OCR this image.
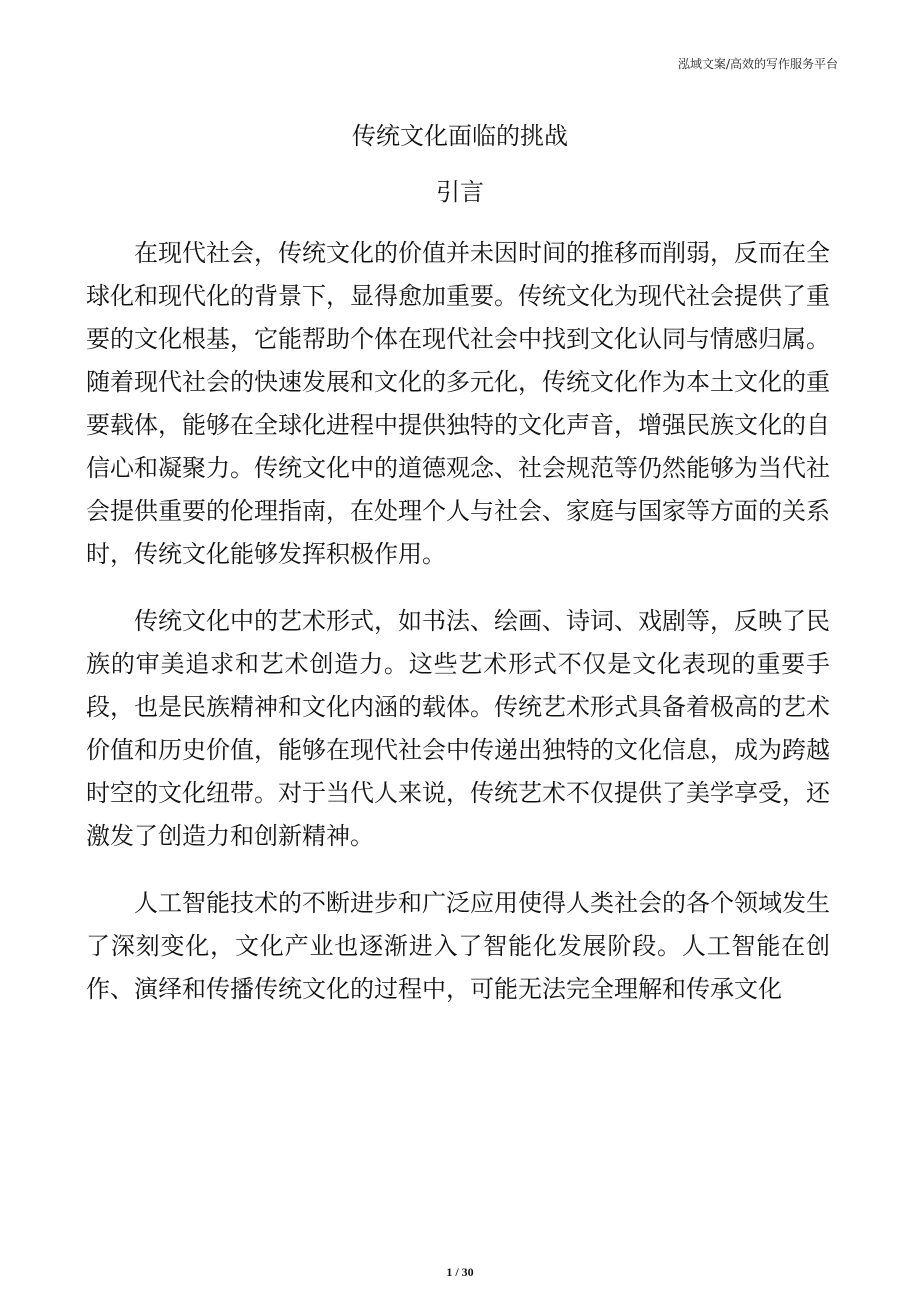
泓域文案/高效的写作服务平台
传统文化面临的挑战
引言

在现代社会，传统文化的价值并未因时间的推移而削弱，反而在全球化和现代化的背景下，显得愈加重要。传统文化为现代社会提供了重要的文化根基，它能帮助个体在现代社会中找到文化认同与情感归属。随着现代社会的快速发展和文化的多元化，传统文化作为本土文化的重要载体，能够在全球化进程中提供独特的文化声音，增强民族文化的自信心和凝聚力。传统文化中的道德观念、社会规范等仍然能够为当代社会提供重要的伦理指南，在处理个人与社会、家庭与国家等方面的关系时，传统文化能够发挥积极作用。

传统文化中的艺术形式，如书法、绘画、诗词、戏剧等，反映了民族的审美追求和艺术创造力。这些艺术形式不仅是文化表现的重要手段，也是民族精神和文化内涵的载体。传统艺术形式具备着极高的艺术价值和历史价值，能够在现代社会中传递出独特的文化信息，成为跨越时空的文化纽带。对于当代人来说，传统艺术不仅提供了美学享受，还激发了创造力和创新精神。

人工智能技术的不断进步和广泛应用使得人类社会的各个领域发生了深刻变化，文化产业也逐渐进入了智能化发展阶段。人工智能在创作、演绎和传播传统文化的过程中，可能无法完全理解和传承文化

1 / 30
